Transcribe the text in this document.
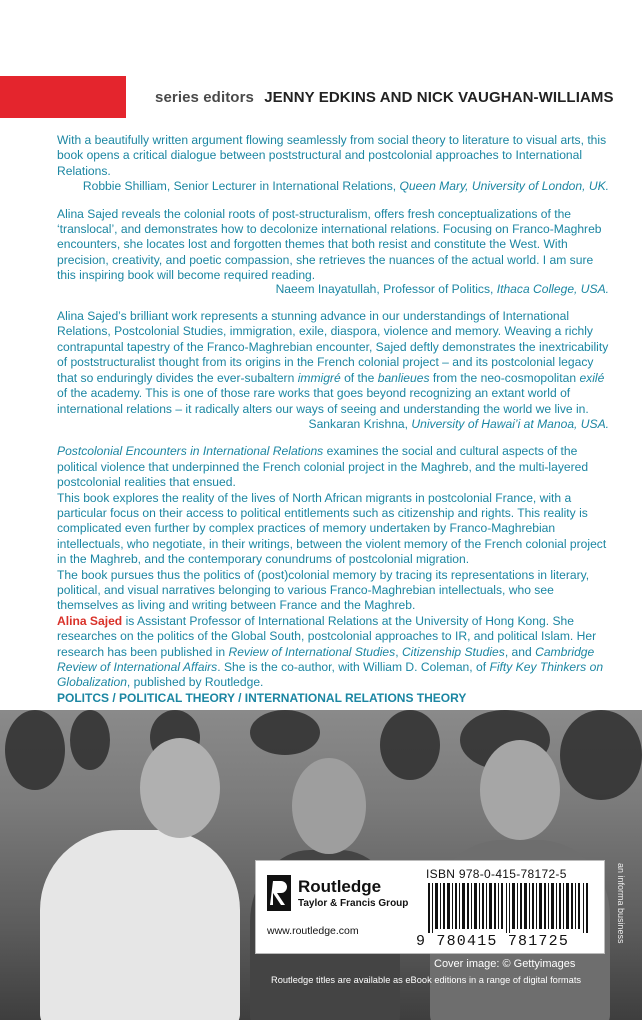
series editors JENNY EDKINS AND NICK VAUGHAN-WILLIAMS

With a beautifully written argument flowing seamlessly from social theory to literature to visual arts, this book opens a critical dialogue between poststructural and postcolonial approaches to International Relations.

Robbie Shilliam, Senior Lecturer in International Relations, Queen Mary, University of London, UK.

Alina Sajed reveals the colonial roots of post-structuralism, offers fresh conceptualizations of the ‘translocal’, and demonstrates how to decolonize international relations. Focusing on Franco-Maghreb encounters, she locates lost and forgotten themes that both resist and constitute the West. With precision, creativity, and poetic compassion, she retrieves the nuances of the actual world. I am sure this inspiring book will become required reading.

Naeem Inayatullah, Professor of Politics, Ithaca College, USA.

Alina Sajed’s brilliant work represents a stunning advance in our understandings of International Relations, Postcolonial Studies, immigration, exile, diaspora, violence and memory. Weaving a richly contrapuntal tapestry of the Franco-Maghrebian encounter, Sajed deftly demonstrates the inextricability of poststructuralist thought from its origins in the French colonial project – and its postcolonial legacy that so enduringly divides the ever-subaltern immigré of the banlieues from the neo-cosmopolitan exilé of the academy. This is one of those rare works that goes beyond recognizing an extant world of international relations – it radically alters our ways of seeing and understanding the world we live in.

Sankaran Krishna, University of Hawai’i at Manoa, USA.

Postcolonial Encounters in International Relations examines the social and cultural aspects of the political violence that underpinned the French colonial project in the Maghreb, and the multi-layered postcolonial realities that ensued.

This book explores the reality of the lives of North African migrants in postcolonial France, with a particular focus on their access to political entitlements such as citizenship and rights. This reality is complicated even further by complex practices of memory undertaken by Franco-Maghrebian intellectuals, who negotiate, in their writings, between the violent memory of the French colonial project in the Maghreb, and the contemporary conundrums of postcolonial migration.

The book pursues thus the politics of (post)colonial memory by tracing its representations in literary, political, and visual narratives belonging to various Franco-Maghrebian intellectuals, who see themselves as living and writing between France and the Maghreb.

Alina Sajed is Assistant Professor of International Relations at the University of Hong Kong. She researches on the politics of the Global South, postcolonial approaches to IR, and political Islam. Her research has been published in Review of International Studies, Citizenship Studies, and Cambridge Review of International Affairs. She is the co-author, with William D. Coleman, of Fifty Key Thinkers on Globalization, published by Routledge.

POLITCS / POLITICAL THEORY / INTERNATIONAL RELATIONS THEORY

Routledge
Taylor & Francis Group
www.routledge.com
ISBN 978-0-415-78172-5
9 780415 781725	an informa business
Cover image: © Gettyimages
Routledge titles are available as eBook editions in a range of digital formats
